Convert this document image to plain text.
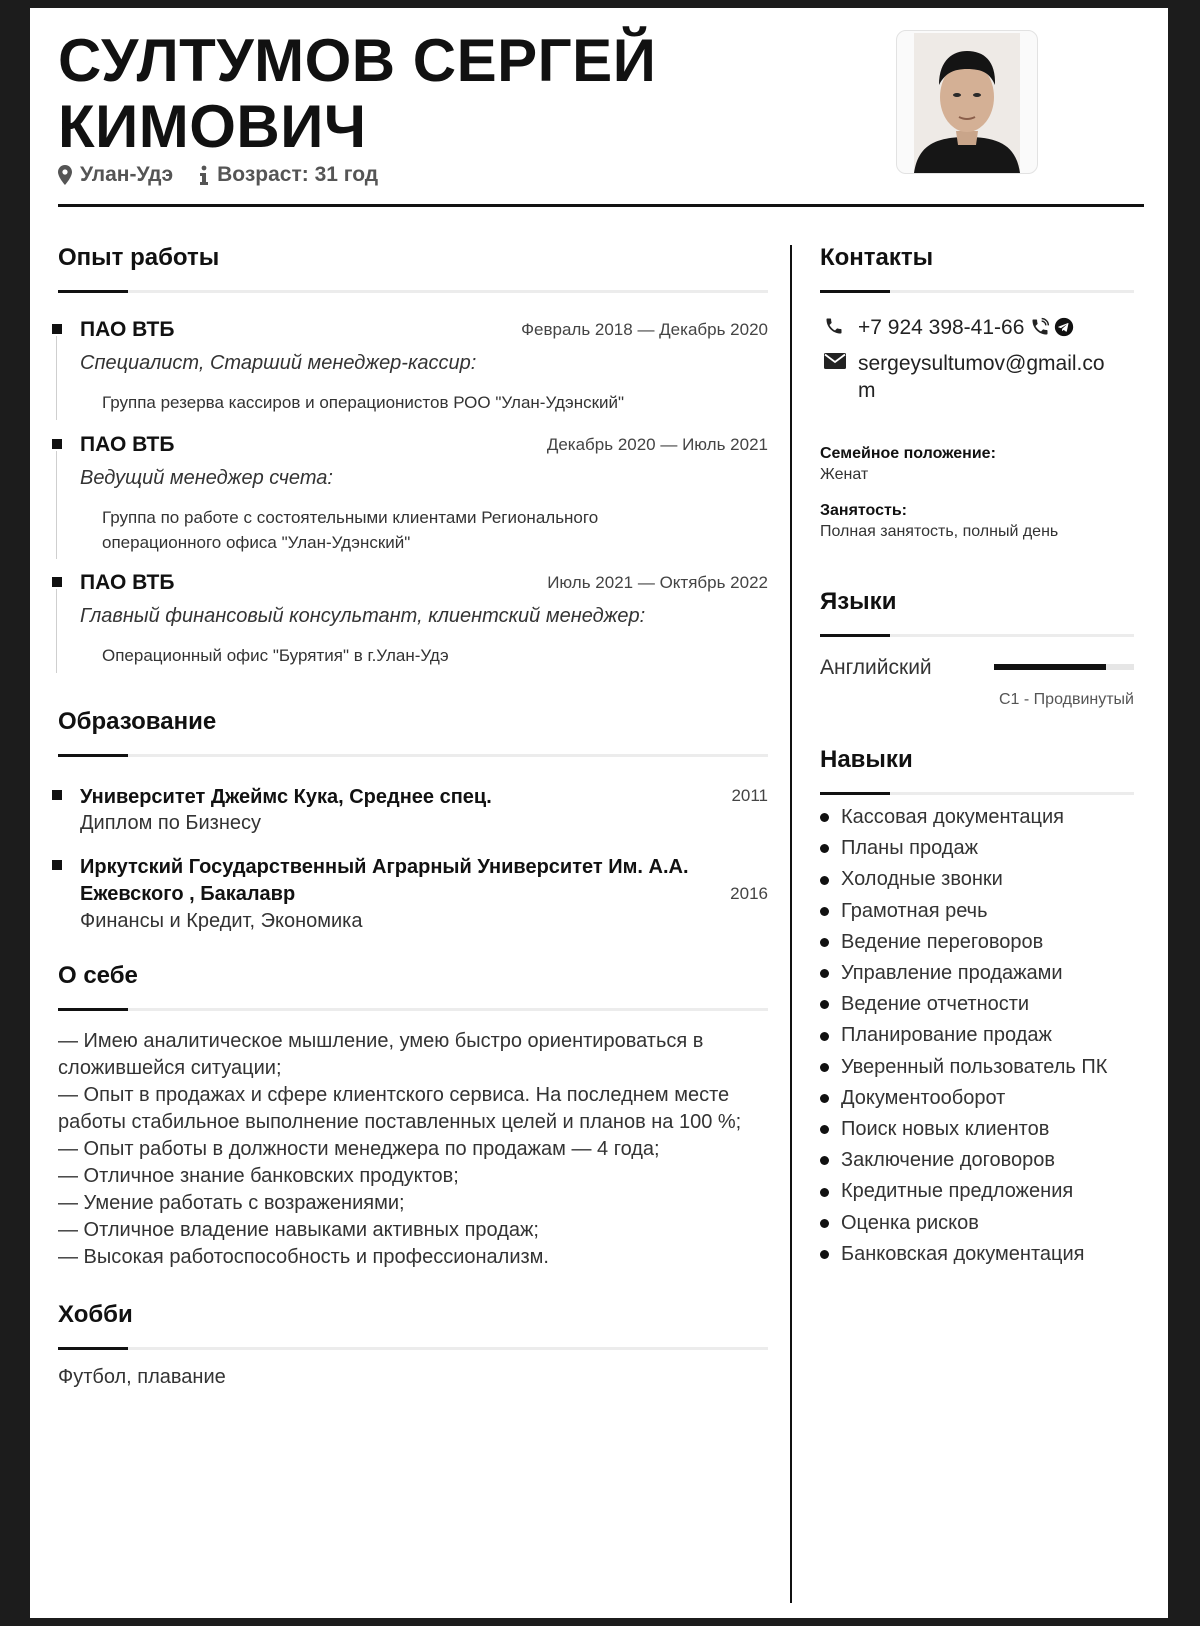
СУЛТУМОВ СЕРГЕЙ КИМОВИЧ
Улан-Удэ Возраст: 31 год
Опыт работы
ПАО ВТБ	Февраль 2018 — Декабрь 2020
Специалист, Старший менеджер-кассир:
Группа резерва кассиров и операционистов РОО "Улан-Удэнский"
ПАО ВТБ	Декабрь 2020 — Июль 2021
Ведущий менеджер счета:
Группа по работе с состоятельными клиентами Регионального операционного офиса "Улан-Удэнский"
ПАО ВТБ	Июль 2021 — Октябрь 2022
Главный финансовый консультант, клиентский менеджер:
Операционный офис "Бурятия" в г.Улан-Удэ
Образование
Университет Джеймс Кука, Среднее спец.	2011
Диплом по Бизнесу
Иркутский Государственный Аграрный Университет Им. А.А. Ежевского , Бакалавр	2016
Финансы и Кредит, Экономика
О себе
— Имею аналитическое мышление, умею быстро ориентироваться в сложившейся ситуации;
— Опыт в продажах и сфере клиентского сервиса. На последнем месте работы стабильное выполнение поставленных целей и планов на 100 %;
— Опыт работы в должности менеджера по продажам — 4 года;
— Отличное знание банковских продуктов;
— Умение работать с возражениями;
— Отличное владение навыками активных продаж;
— Высокая работоспособность и профессионализм.
Хобби
Футбол, плавание
Контакты
+7 924 398-41-66
sergeysultumov@gmail.com
Семейное положение:
Женат
Занятость:
Полная занятость, полный день
Языки
Английский
C1 - Продвинутый
Навыки
Кассовая документация
Планы продаж
Холодные звонки
Грамотная речь
Ведение переговоров
Управление продажами
Ведение отчетности
Планирование продаж
Уверенный пользователь ПК
Документооборот
Поиск новых клиентов
Заключение договоров
Кредитные предложения
Оценка рисков
Банковская документация
